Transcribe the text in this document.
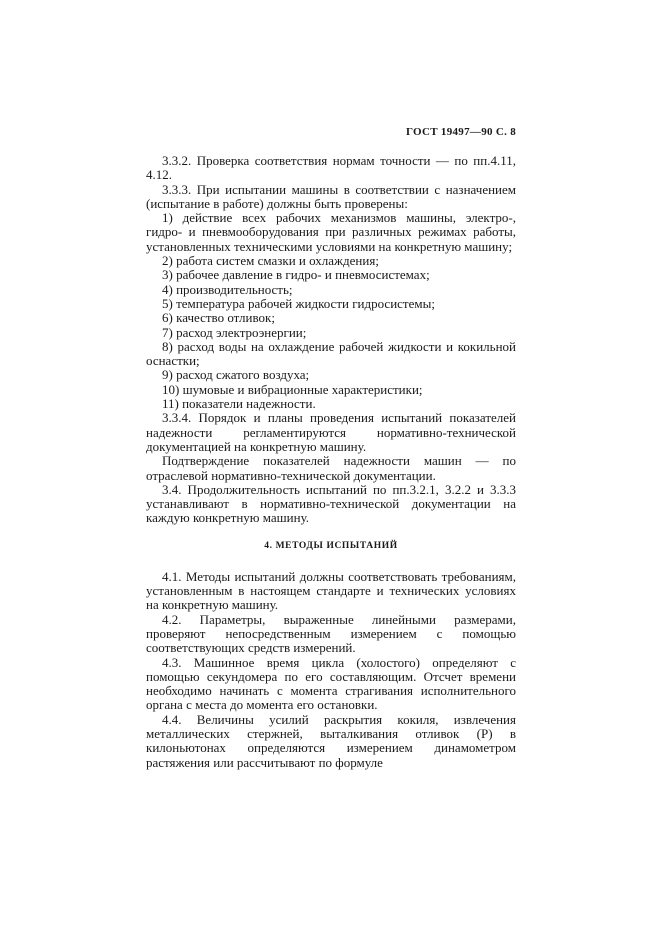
ГОСТ 19497—90 С. 8

3.3.2. Проверка соответствия нормам точности — по пп.4.11, 4.12.

3.3.3. При испытании машины в соответствии с назначением (испытание в работе) должны быть проверены:

1) действие всех рабочих механизмов машины, электро-, гидро- и пневмооборудования при различных режимах работы, установленных техническими условиями на конкретную машину;

2) работа систем смазки и охлаждения;

3) рабочее давление в гидро- и пневмосистемах;

4) производительность;

5) температура рабочей жидкости гидросистемы;

6) качество отливок;

7) расход электроэнергии;

8) расход воды на охлаждение рабочей жидкости и кокильной оснастки;

9) расход сжатого воздуха;

10) шумовые и вибрационные характеристики;

11) показатели надежности.

3.3.4. Порядок и планы проведения испытаний показателей надежности регламентируются нормативно-технической документацией на конкретную машину.

Подтверждение показателей надежности машин — по отраслевой нормативно-технической документации.

3.4. Продолжительность испытаний по пп.3.2.1, 3.2.2 и 3.3.3 устанавливают в нормативно-технической документации на каждую конкретную машину.

4. МЕТОДЫ ИСПЫТАНИЙ

4.1. Методы испытаний должны соответствовать требованиям, установленным в настоящем стандарте и технических условиях на конкретную машину.

4.2. Параметры, выраженные линейными размерами, проверяют непосредственным измерением с помощью соответствующих средств измерений.

4.3. Машинное время цикла (холостого) определяют с помощью секундомера по его составляющим. Отсчет времени необходимо начинать с момента страгивания исполнительного органа с места до момента его остановки.

4.4. Величины усилий раскрытия кокиля, извлечения металлических стержней, выталкивания отливок (P) в килоньютонах определяются измерением динамометром растяжения или рассчитывают по формуле
